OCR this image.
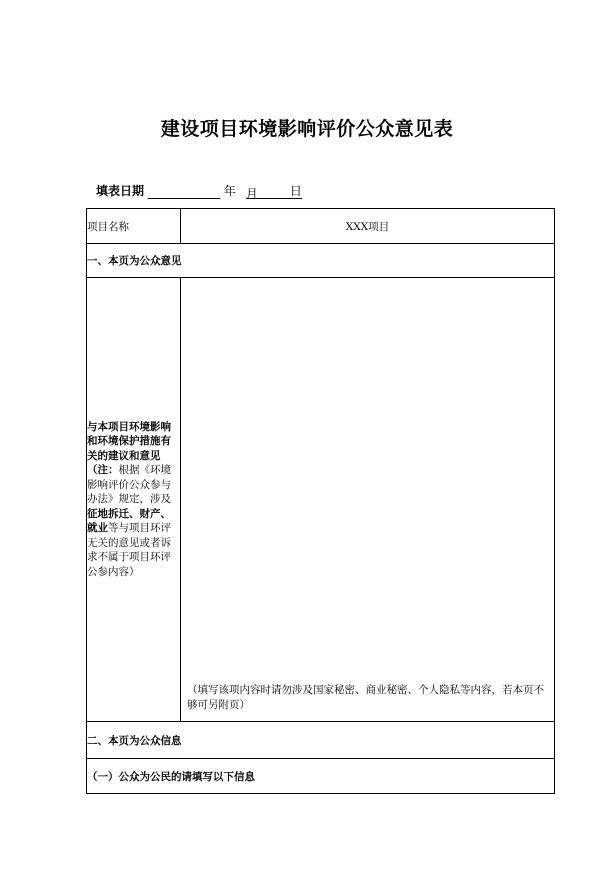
建设项目环境影响评价公众意见表
填表日期	年 月	日
项目名称	XXX项目
一、本页为公众意见	
与本项目环境影响和环境保护措施有关的建议和意见（注：根据《环境影响评价公众参与办法》规定，涉及征地拆迁、财产、就业等与项目环评无关的意见或者诉求不属于项目环评公参内容）	（填写该项内容时请勿涉及国家秘密、商业秘密、个人隐私等内容，若本页不够可另附页）

二、本页为公众信息	
（一）公众为公民的请填写以下信息	
